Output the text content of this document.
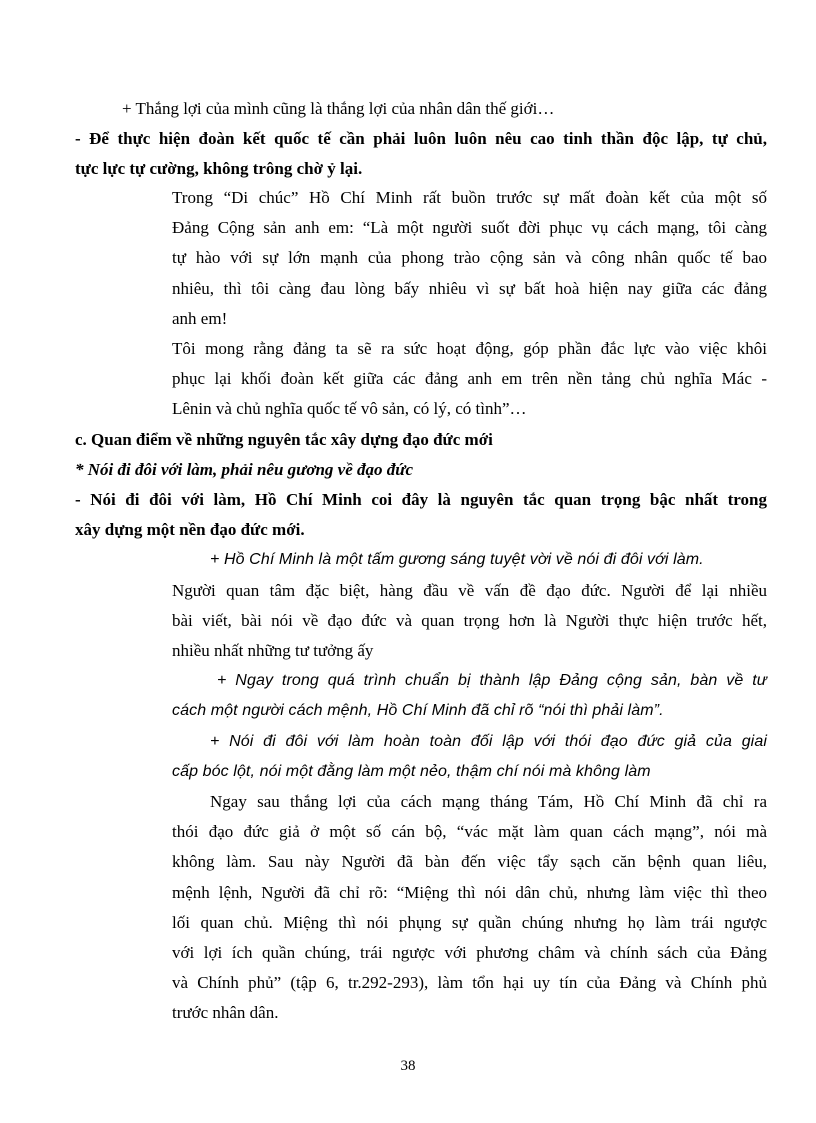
+ Thắng lợi của mình cũng là thắng lợi của nhân dân thế giới…
- Để thực hiện đoàn kết quốc tế cần phải luôn luôn nêu cao tinh thần độc lập, tự chủ,
tực lực tự cường, không trông chờ ỷ lại.
Trong “Di chúc” Hồ Chí Minh rất buồn trước sự mất đoàn kết của một số
Đảng Cộng sản anh em: “Là một người suốt đời phục vụ cách mạng, tôi càng
tự hào với sự lớn mạnh của phong trào cộng sản và công nhân quốc tế bao
nhiêu, thì tôi càng đau lòng bấy nhiêu vì sự bất hoà hiện nay giữa các đảng
anh em!
Tôi mong rằng đảng ta sẽ ra sức hoạt động, góp phần đắc lực vào việc khôi
phục lại khối đoàn kết giữa các đảng anh em trên nền tảng chủ nghĩa Mác -
Lênin và chủ nghĩa quốc tế vô sản, có lý, có tình”…
c. Quan điểm về những nguyên tắc xây dựng đạo đức mới
* Nói đi đôi với làm, phải nêu gương về đạo đức
- Nói đi đôi với làm, Hồ Chí Minh coi đây là nguyên tắc quan trọng bậc nhất trong
xây dựng một nền đạo đức mới.
+ Hồ Chí Minh là một tấm gương sáng tuyệt vời về nói đi đôi với làm.
Người quan tâm đặc biệt, hàng đầu về vấn đề đạo đức. Người để lại nhiều
bài viết, bài nói về đạo đức và quan trọng hơn là Người thực hiện trước hết,
nhiều nhất những tư tưởng ấy
+ Ngay trong quá trình chuẩn bị thành lập Đảng cộng sản, bàn về tư
cách một người cách mệnh, Hồ Chí Minh đã chỉ rõ “nói thì phải làm”.
+ Nói đi đôi với làm hoàn toàn đối lập với thói đạo đức giả của giai
cấp bóc lột, nói một đằng làm một nẻo, thậm chí nói mà không làm
Ngay sau thắng lợi của cách mạng tháng Tám, Hồ Chí Minh đã chỉ ra
thói đạo đức giả ở một số cán bộ, “vác mặt làm quan cách mạng”, nói mà
không làm. Sau này Người đã bàn đến việc tẩy sạch căn bệnh quan liêu,
mệnh lệnh, Người đã chỉ rõ: “Miệng thì nói dân chủ, nhưng làm việc thì theo
lối quan chủ. Miệng thì nói phụng sự quần chúng nhưng họ làm trái ngược
với lợi ích quần chúng, trái ngược với phương châm và chính sách của Đảng
và Chính phủ” (tập 6, tr.292-293), làm tổn hại uy tín của Đảng và Chính phủ
trước nhân dân.
38
